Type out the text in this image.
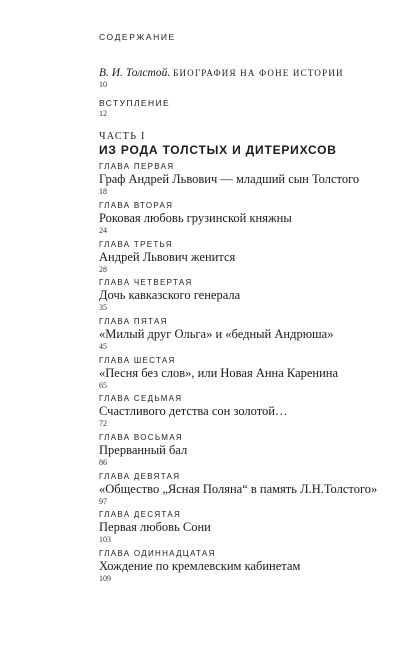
СОДЕРЖАНИЕ
В. И. Толстой. БИОГРАФИЯ НА ФОНЕ ИСТОРИИ
10
ВСТУПЛЕНИЕ
12
ЧАСТЬ I
ИЗ РОДА ТОЛСТЫХ И ДИТЕРИХСОВ
ГЛАВА ПЕРВАЯ
Граф Андрей Львович — младший сын Толстого
18
ГЛАВА ВТОРАЯ
Роковая любовь грузинской княжны
24
ГЛАВА ТРЕТЬЯ
Андрей Львович женится
28
ГЛАВА ЧЕТВЕРТАЯ
Дочь кавказского генерала
35
ГЛАВА ПЯТАЯ
«Милый друг Ольга» и «бедный Андрюша»
45
ГЛАВА ШЕСТАЯ
«Песня без слов», или Новая Анна Каренина
65
ГЛАВА СЕДЬМАЯ
Счастливого детства сон золотой…
72
ГЛАВА ВОСЬМАЯ
Прерванный бал
86
ГЛАВА ДЕВЯТАЯ
«Общество „Ясная Поляна“ в память Л.Н.Толстого»
97
ГЛАВА ДЕСЯТАЯ
Первая любовь Сони
103
ГЛАВА ОДИННАДЦАТАЯ
Хождение по кремлевским кабинетам
109
